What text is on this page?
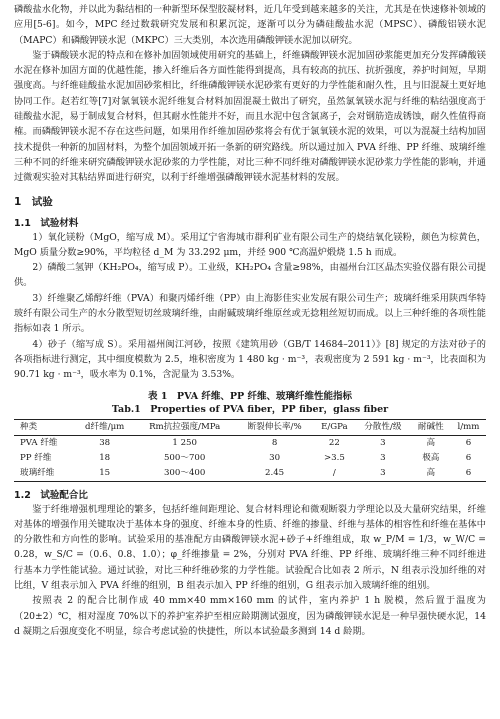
磷酸盐水化物，并以此为黏结相的一种新型环保型胶凝材料，近几年受到越来越多的关注，尤其是在快速修补领域的应用[5-6]。如今，MPC 经过数载研究发展和积累沉淀，逐渐可以分为磷硅酸盐水泥（MPSC）、磷酸铝镁水泥（MAPC）和磷酸钾镁水泥（MKPC）三大类别，本次选用磷酸钾镁水泥加以研究。

鉴于磷酸镁水泥的特点和在修补加固领域使用研究的基础上，纤维磷酸钾镁水泥加固砂浆能更加充分发挥磷酸镁水泥在修补加固方面的优越性能，掺入纤维后各方面性能得到提高，具有较高的抗压、抗折强度，养护时间短，早期强度高。与纤维硅酸盐水泥加固砂浆相比，纤维磷酸钾镁水泥砂浆有更好的力学性能和耐久性，且与旧混凝土更好地协同工作。赵若红等[7]对氯氧镁水泥纤维复合材料加固混凝土做出了研究，虽然氯氧镁水泥与纤维的粘结强度高于硅酸盐水泥，易于制成复合材料，但其耐水性能并不好，而且水泥中包含氯离子，会对钢筋造成锈蚀，耐久性值得商榷。而磷酸钾镁水泥不存在这些问题，如果用作纤维加固砂浆将会有优于氯氧镁水泥的效果，可以为混凝土结构加固技术提供一种新的加固材料，为整个加固领域开拓一条新的研究路线。所以通过加入 PVA 纤维、PP 纤维、玻璃纤维三种不同的纤维来研究磷酸钾镁水泥砂浆的力学性能，对比三种不同纤维对磷酸钾镁水泥砂浆力学性能的影响，并通过微观实验对其粘结界面进行研究，以利于纤维增强磷酸钾镁水泥基材料的发展。

1　试验
1.1　试验材料

1）氧化镁粉（MgO，缩写成 M）。采用辽宁省海城市群利矿业有限公司生产的烧结氧化镁粉，颜色为棕黄色，MgO 质量分数≥90%，平均粒径 d_M 为 33.292 μm，并经 900 ℃高温炉煅烧 1.5 h 而成。

2）磷酸二氢钾（KH₂PO₄，缩写成 P）。工业级，KH₂PO₄ 含量≥98%，由福州台江区晶杰实验仪器有限公司提供。

3）纤维聚乙烯醇纤维（PVA）和聚丙烯纤维（PP）由上海影佳实业发展有限公司生产；玻璃纤维采用陕西华特玻纤有限公司生产的水分散型短切丝玻璃纤维，由耐碱玻璃纤维原丝或无捻粗丝短切而成。以上三种纤维的各项性能指标如表 1 所示。

4）砂子（缩写成 S）。采用福州闽江河砂，按照《建筑用砂（GB/T 14684–2011）》[8] 规定的方法对砂子的各项指标进行测定，其中细度模数为 2.5，堆积密度为 1 480 kg · m⁻³，表观密度为 2 591 kg · m⁻³，比表面积为 90.71 kg · m⁻³，吸水率为 0.1%，含泥量为 3.53%。

表 1　PVA 纤维、PP 纤维、玻璃纤维性能指标
Tab.1　Properties of PVA fiber，PP fiber，glass fiber
种类	d纤维/μm	Rm抗拉强度/MPa	断裂伸长率/%	E/GPa	分散性/级	耐碱性	l/mm
PVA 纤维	38	1 250	8	22	3	高	6
PP 纤维	18	500～700	30	>3.5	3	极高	6
玻璃纤维	15	300～400	2.45	/	3	高	6
1.2　试验配合比

鉴于纤维增强机理理论的繁多，包括纤维间距理论、复合材料理论和微观断裂力学理论以及大量研究结果，纤维对基体的增强作用关键取决于基体本身的强度、纤维本身的性质、纤维的掺量、纤维与基体的相容性和纤维在基体中的分散性和方向性的影响。试验采用的基准配方由磷酸钾镁水泥+砂子+纤维组成，取 w_P/M = 1/3，w_W/C = 0.28，w_S/C =（0.6、0.8、1.0）；φ_纤维掺量 = 2%，分别对 PVA 纤维、PP 纤维、玻璃纤维三种不同纤维进行基本力学性能试验。通过试验，对比三种纤维砂浆的力学性能。试验配合比如表 2 所示，N 组表示没加纤维的对比组，V 组表示加入 PVA 纤维的组别，B 组表示加入 PP 纤维的组别，G 组表示加入玻璃纤维的组别。

按照表 2 的配合比制作成 40 mm×40 mm×160 mm 的试件，室内养护 1 h 脱模，然后置于温度为（20±2）℃，相对湿度 70%以下的养护室养护至相应龄期测试强度，因为磷酸钾镁水泥是一种早强快硬水泥，14 d 凝期之后强度变化不明显，综合考虑试验的快捷性，所以本试验最多测到 14 d 龄期。
